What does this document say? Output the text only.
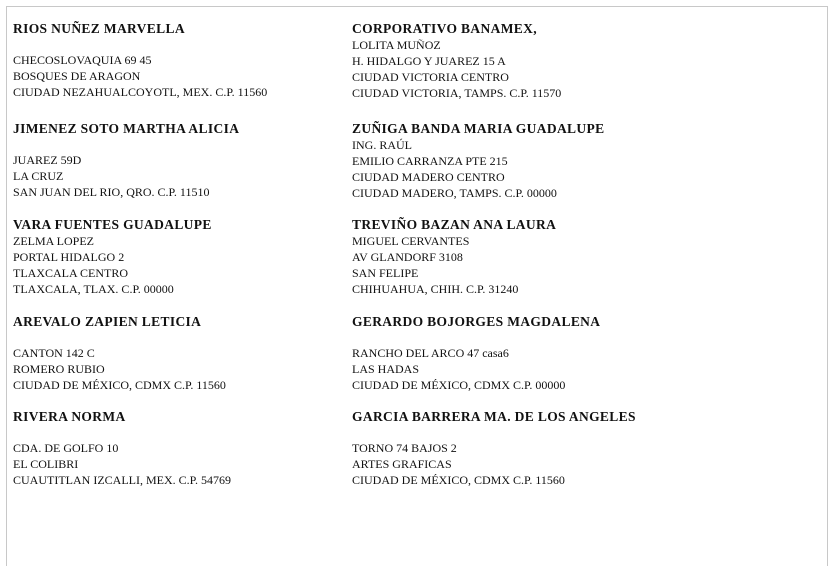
RIOS NUÑEZ MARVELLA
CHECOSLOVAQUIA 69 45
BOSQUES DE ARAGON
CIUDAD NEZAHUALCOYOTL, MEX. C.P. 11560
JIMENEZ SOTO MARTHA ALICIA
JUAREZ 59D
LA CRUZ
SAN JUAN DEL RIO, QRO. C.P. 11510
VARA FUENTES GUADALUPE
ZELMA LOPEZ
PORTAL HIDALGO 2
TLAXCALA CENTRO
TLAXCALA, TLAX. C.P. 00000
AREVALO ZAPIEN LETICIA
CANTON 142 C
ROMERO RUBIO
CIUDAD DE MÉXICO, CDMX C.P. 11560
RIVERA NORMA
CDA. DE GOLFO 10
EL COLIBRI
CUAUTITLAN IZCALLI, MEX. C.P. 54769
CORPORATIVO BANAMEX,
LOLITA MUÑOZ
H. HIDALGO Y JUAREZ 15 A
CIUDAD VICTORIA CENTRO
CIUDAD VICTORIA, TAMPS. C.P. 11570
ZUÑIGA BANDA MARIA GUADALUPE
ING. RAÚL
EMILIO CARRANZA PTE 215
CIUDAD MADERO CENTRO
CIUDAD MADERO, TAMPS. C.P. 00000
TREVIÑO BAZAN ANA LAURA
MIGUEL CERVANTES
AV GLANDORF 3108
SAN FELIPE
CHIHUAHUA, CHIH. C.P. 31240
GERARDO BOJORGES MAGDALENA
RANCHO DEL ARCO 47 casa6
LAS HADAS
CIUDAD DE MÉXICO, CDMX C.P. 00000
GARCIA BARRERA MA. DE LOS ANGELES
TORNO 74 BAJOS 2
ARTES GRAFICAS
CIUDAD DE MÉXICO, CDMX C.P. 11560
